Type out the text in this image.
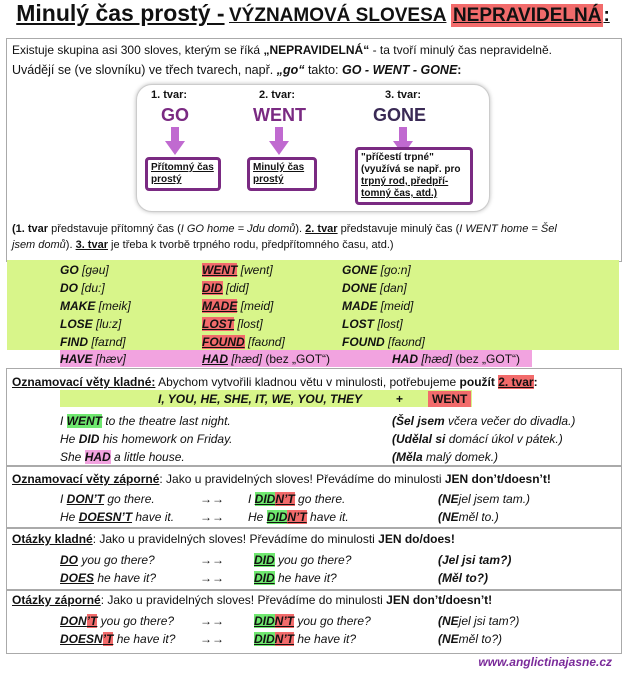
Minulý čas prostý - VÝZNAMOVÁ SLOVESA NEPRAVIDELNÁ :
Existuje skupina asi 300 sloves, kterým se říká „NEPRAVIDELNÁ“ - ta tvoří minulý čas nepravidelně.
Uvádějí se (ve slovníku) ve třech tvarech, např. „go“ takto: GO - WENT - GONE:
1. tvar:
GO
Přítomný čas prostý
2. tvar:
WENT
Minulý čas prostý
3. tvar:
GONE
"příčestí trpné"
(využívá se např. pro
trpný rod, předpří-
tomný čas, atd.)
(1. tvar představuje přítomný čas (I GO home = Jdu domů). 2. tvar představuje minulý čas (I WENT home = Šel
jsem domů). 3. tvar je třeba k tvorbě trpného rodu, předpřítomného času, atd.)
GO [gəu]	WENT [went]	GONE [go:n]
DO [du:]	DID [did]	DONE [dan]
MAKE [meik]	MADE [meid]	MADE [meid]
LOSE [lu:z]	LOST [lost]	LOST [lost]
FIND [faɪnd]	FOUND [faʊnd]	FOUND [faʊnd]
HAVE [hæv]	HAD [hæd] (bez „GOT“)	HAD [hæd] (bez „GOT“)
Oznamovací věty kladné: Abychom vytvořili kladnou větu v minulosti, potřebujeme použít 2. tvar:
I, YOU, HE, SHE, IT, WE, YOU, THEY	+	WENT
I WENT to the theatre last night.	(Šel jsem včera večer do divadla.)
He DID his homework on Friday.	(Udělal si domácí úkol v pátek.)
She HAD a little house.	(Měla malý domek.)
Oznamovací věty záporné: Jako u pravidelných sloves! Převádíme do minulosti JEN don’t/doesn’t!
I DON’T go there.	→→ I DIDN’T go there.	(NEjel jsem tam.)
He DOESN’T have it. →→ He DIDN’T have it.	(NEměl to.)
Otázky kladné: Jako u pravidelných sloves! Převádíme do minulosti JEN do/does!
DO you go there?	→→	DID you go there?	(Jel jsi tam?)
DOES he have it?	→→	DID he have it?	(Měl to?)
Otázky záporné: Jako u pravidelných sloves! Převádíme do minulosti JEN don’t/doesn’t!
DON’T you go there? →→	DIDN’T you go there?	(NEjel jsi tam?)
DOESN’T he have it? →→	DIDN’T he have it?	(NEměl to?)
www.anglictinajasne.cz
